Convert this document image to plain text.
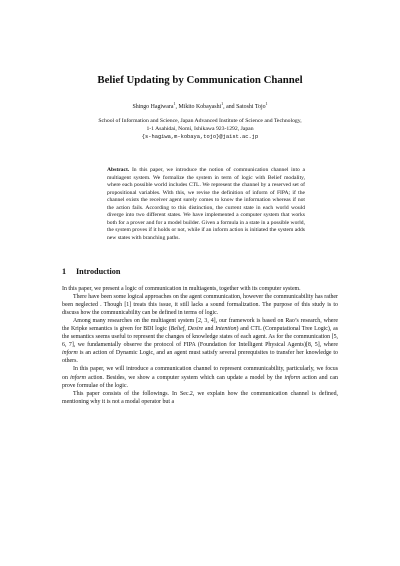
Belief Updating by Communication Channel
Shingo Hagiwara$^1$, Mikito Kobayashi$^1$, and Satoshi Tojo$^1$
School of Information and Science, Japan Advanced Institute of Science and Technology,
1-1 Asahidai, Nomi, Ishikawa 923-1292, Japan
{s-hagiwa,m-kobaya,tojo}@jaist.ac.jp
Abstract. In this paper, we introduce the notion of communication channel into a multiagent system. We formalize the system in term of logic with Belief modality, where each possible world includes CTL. We represent the channel by a reserved set of propositional variables. With this, we revise the definition of inform of FIPA; if the channel exists the receiver agent surely comes to know the information whereas if not the action fails. According to this distinction, the current state in each world would diverge into two different states. We have implemented a computer system that works both for a prover and for a model builder. Given a formula in a state in a possible world, the system proves if it holds or not, while if an inform action is initiated the system adds new states with branching paths.
1 Introduction

In this paper, we present a logic of communication in multiagents, together with its computer system.

There have been some logical approaches on the agent communication, however the communicability has rather been neglected . Though [1] treats this issue, it still lacks a sound formalization. The purpose of this study is to discuss how the communicability can be defined in terms of logic.

Among many researches on the multiagent system [2, 3, 4], our framework is based on Rao’s research, where the Kripke semantics is given for BDI logic (Belief, Desire and Intention) and CTL (Computational Tree Logic), as the semantics seems useful to represent the changes of knowledge states of each agent. As for the communication [5, 6, 7], we fundamentally observe the protocol of FIPA (Foundation for Intelligent Physical Agents)[8, 5], where inform is an action of Dynamic Logic, and an agent must satisfy several prerequisites to transfer her knowledge to others.

In this paper, we will introduce a communication channel to represent communicability, particularly, we focus on inform action. Besides, we show a computer system which can update a model by the inform action and can prove formulae of the logic.

This paper consists of the followings. In Sec.2, we explain how the communication channel is defined, mentioning why it is not a modal operator but a
